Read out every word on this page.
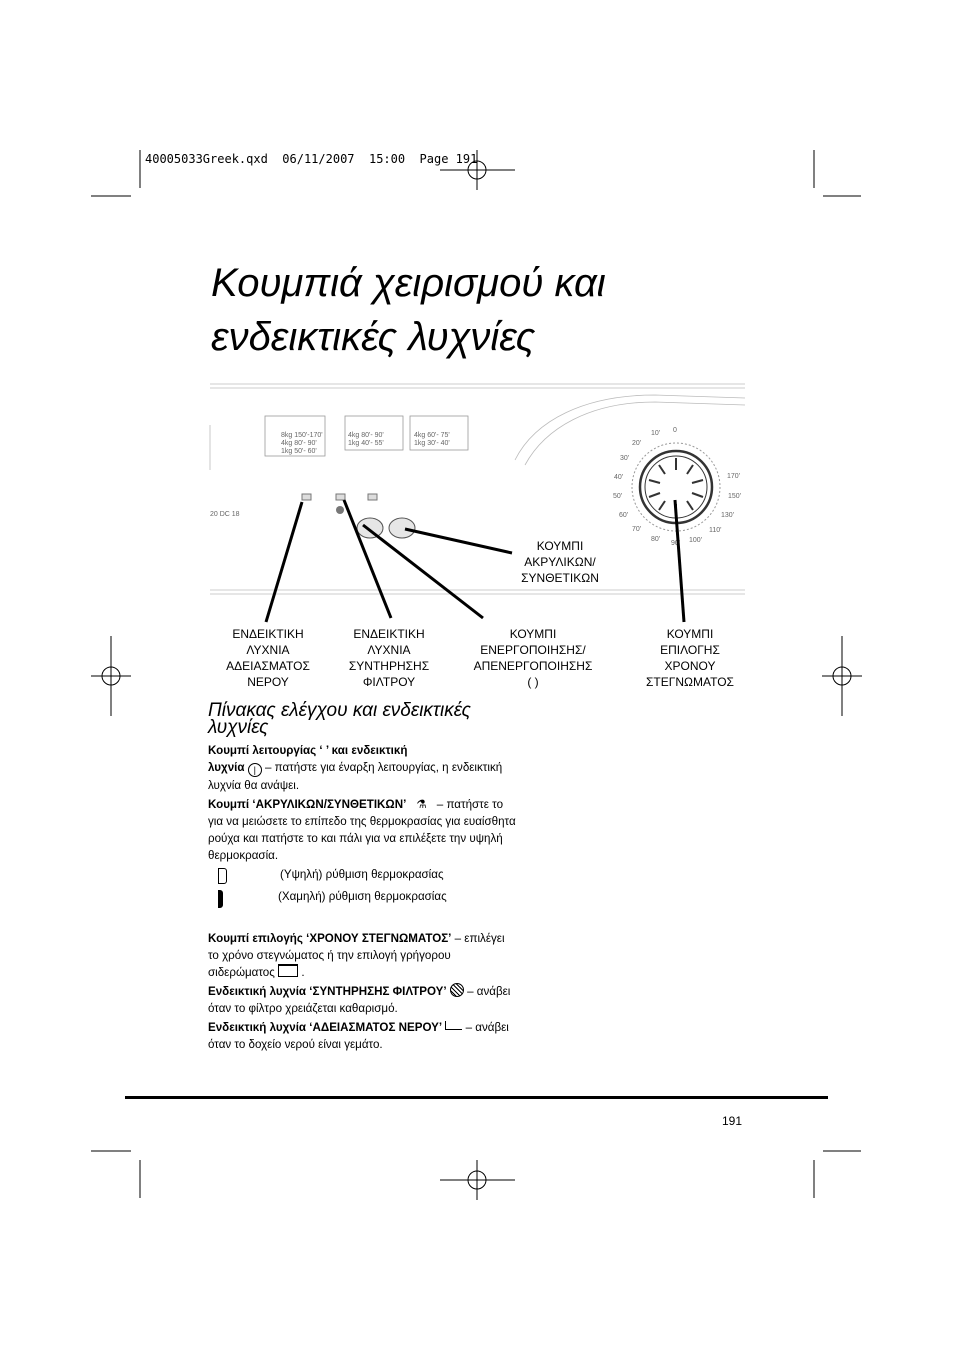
40005033Greek.qxd  06/11/2007  15:00  Page 191
Κουμπιά χειρισμού και
ενδεικτικές λυχνίες
8kg 150'-170'
4kg 80'- 90'
1kg 50'- 60'
4kg 80'- 90'
1kg 40'- 55'
4kg 60'- 75'
1kg 30'- 40'
20 DC 18
10' 0
20'
30'
40'
50'
60'
70'
80'
90' 100'
110'
130'
150'
170'
ΚΟΥΜΠΙ
ΑΚΡΥΛΙΚΩΝ/
ΣΥΝΘΕΤΙΚΩΝ
ΕΝΔΕΙΚΤΙΚΗ
ΛΥΧΝΙΑ
ΑΔΕΙΑΣΜΑΤΟΣ
ΝΕΡΟΥ
ΕΝΔΕΙΚΤΙΚΗ
ΛΥΧΝΙΑ
ΣΥΝΤΗΡΗΣΗΣ
ΦΙΛΤΡΟΥ
ΚΟΥΜΠΙ
ΕΝΕΡΓΟΠΟΙΗΣΗΣ/
ΑΠΕΝΕΡΓΟΠΟΙΗΣΗΣ
( )
ΚΟΥΜΠΙ
ΕΠΙΛΟΓΗΣ
ΧΡΟΝΟΥ
ΣΤΕΓΝΩΜΑΤΟΣ
Πίνακας ελέγχου και ενδεικτικές
λυχνίες
Κουμπί λειτουργίας ‘ ’ και ενδεικτική
λυχνία | – πατήστε για έναρξη λειτουργίας, η ενδεικτική
λυχνία θα ανάψει.
Κουμπί ‘ΑΚΡΥΛΙΚΩΝ/ΣΥΝΘΕΤΙΚΩΝ’ ⚗ – πατήστε το
για να μειώσετε το επίπεδο της θερμοκρασίας για ευαίσθητα
ρούχα και πατήστε το και πάλι για να επιλέξετε την υψηλή
θερμοκρασία.
(Υψηλή) ρύθμιση θερμοκρασίας
(Χαμηλή) ρύθμιση θερμοκρασίας
Κουμπί επιλογής ‘ΧΡΟΝΟΥ ΣΤΕΓΝΩΜΑΤΟΣ’ – επιλέγει
το χρόνο στεγνώματος ή την επιλογή γρήγορου
σιδερώματος .
Ενδεικτική λυχνία ‘ΣΥΝΤΗΡΗΣΗΣ ΦΙΛΤΡΟΥ’ – ανάβει
όταν το φίλτρο χρειάζεται καθαρισμό.
Ενδεικτική λυχνία ‘ΑΔΕΙΑΣΜΑΤΟΣ ΝΕΡΟΥ’ – ανάβει
όταν το δοχείο νερού είναι γεμάτο.
191
